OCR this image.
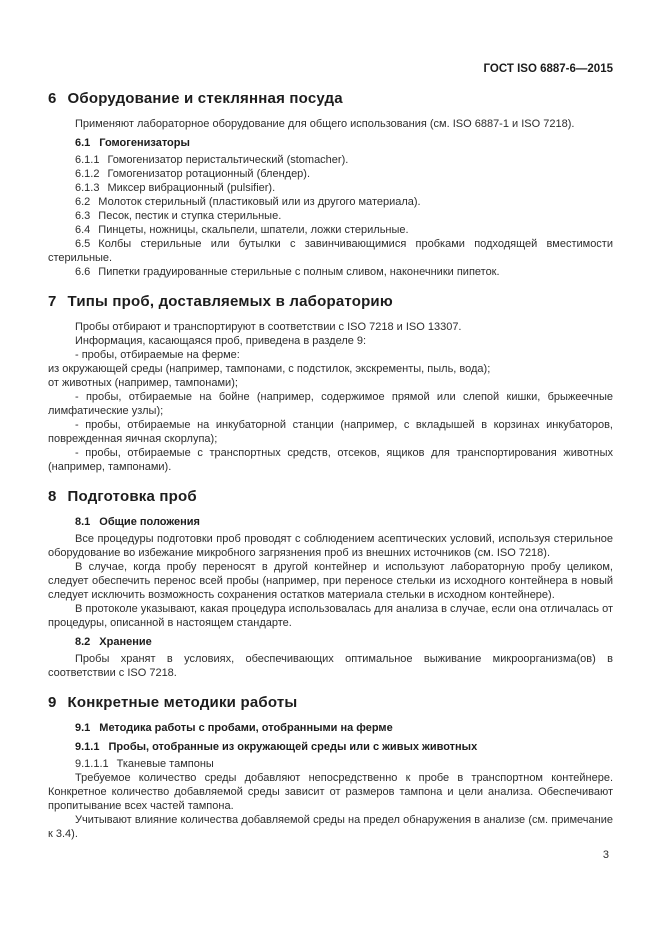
ГОСТ ISO 6887-6—2015
6 Оборудование и стеклянная посуда

Применяют лабораторное оборудование для общего использования (см. ISO 6887-1 и ISO 7218).

6.1 Гомогенизаторы

6.1.1 Гомогенизатор перистальтический (stomacher).

6.1.2 Гомогенизатор ротационный (блендер).

6.1.3 Миксер вибрационный (pulsifier).

6.2 Молоток стерильный (пластиковый или из другого материала).

6.3 Песок, пестик и ступка стерильные.

6.4 Пинцеты, ножницы, скальпели, шпатели, ложки стерильные.

6.5 Колбы стерильные или бутылки с завинчивающимися пробками подходящей вместимости стерильные.

6.6 Пипетки градуированные стерильные с полным сливом, наконечники пипеток.

7 Типы проб, доставляемых в лабораторию

Пробы отбирают и транспортируют в соответствии с ISO 7218 и ISO 13307.

Информация, касающаяся проб, приведена в разделе 9:

- пробы, отбираемые на ферме:

из окружающей среды (например, тампонами, с подстилок, экскременты, пыль, вода);

от животных (например, тампонами);

- пробы, отбираемые на бойне (например, содержимое прямой или слепой кишки, брыжеечные лимфатические узлы);

- пробы, отбираемые на инкубаторной станции (например, с вкладышей в корзинах инкубаторов, поврежденная яичная скорлупа);

- пробы, отбираемые с транспортных средств, отсеков, ящиков для транспортирования животных (например, тампонами).

8 Подготовка проб

8.1 Общие положения

Все процедуры подготовки проб проводят с соблюдением асептических условий, используя стерильное оборудование во избежание микробного загрязнения проб из внешних источников (см. ISO 7218).

В случае, когда пробу переносят в другой контейнер и используют лабораторную пробу целиком, следует обеспечить перенос всей пробы (например, при переносе стельки из исходного контейнера в новый следует исключить возможность сохранения остатков материала стельки в исходном контейнере).

В протоколе указывают, какая процедура использовалась для анализа в случае, если она отличалась от процедуры, описанной в настоящем стандарте.

8.2 Хранение

Пробы хранят в условиях, обеспечивающих оптимальное выживание микроорганизма(ов) в соответствии с ISO 7218.

9 Конкретные методики работы

9.1 Методика работы с пробами, отобранными на ферме

9.1.1 Пробы, отобранные из окружающей среды или с живых животных

9.1.1.1 Тканевые тампоны

Требуемое количество среды добавляют непосредственно к пробе в транспортном контейнере. Конкретное количество добавляемой среды зависит от размеров тампона и цели анализа. Обеспечивают пропитывание всех частей тампона.

Учитывают влияние количества добавляемой среды на предел обнаружения в анализе (см. примечание к 3.4).

3
